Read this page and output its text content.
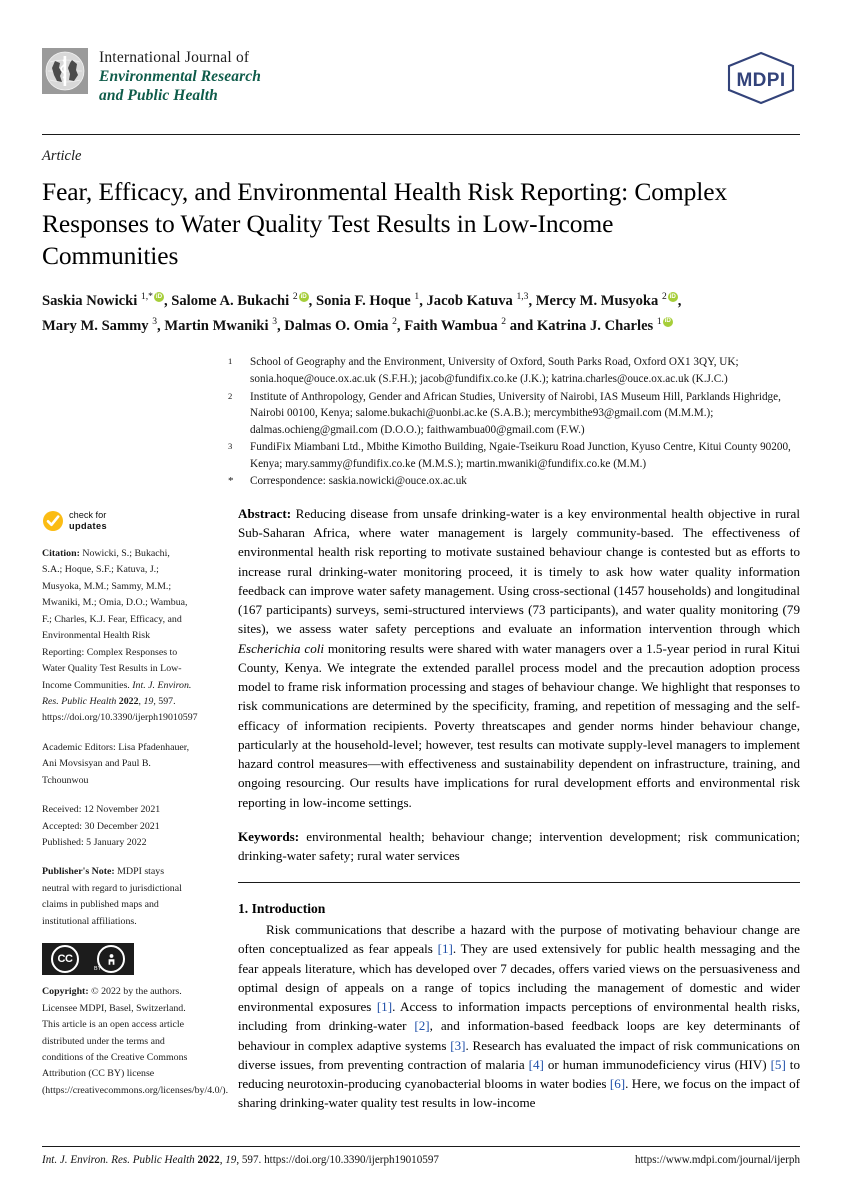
International Journal of
Environmental Research
and Public Health
MDPI
Article
Fear, Efficacy, and Environmental Health Risk Reporting: Complex Responses to Water Quality Test Results in Low-Income Communities
Saskia Nowicki $^{1,*}$ iD , Salome A. Bukachi $^2$ iD , Sonia F. Hoque $^1$, Jacob Katuva $^{1,3}$, Mercy M. Musyoka $^2$ iD ,
Mary M. Sammy $^3$, Martin Mwaniki $^3$, Dalmas O. Omia $^2$, Faith Wambua $^2$ and Katrina J. Charles $^1$iD
1	School of Geography and the Environment, University of Oxford, South Parks Road, Oxford OX1 3QY, UK; sonia.hoque@ouce.ox.ac.uk (S.F.H.); jacob@fundifix.co.ke (J.K.); katrina.charles@ouce.ox.ac.uk (K.J.C.)
2	Institute of Anthropology, Gender and African Studies, University of Nairobi, IAS Museum Hill, Parklands Highridge, Nairobi 00100, Kenya; salome.bukachi@uonbi.ac.ke (S.A.B.); mercymbithe93@gmail.com (M.M.M.); dalmas.ochieng@gmail.com (D.O.O.); faithwambua00@gmail.com (F.W.)
3	FundiFix Miambani Ltd., Mbithe Kimotho Building, Ngaie-Tseikuru Road Junction, Kyuso Centre, Kitui County 90200, Kenya; mary.sammy@fundifix.co.ke (M.M.S.); martin.mwaniki@fundifix.co.ke (M.M.)
*	Correspondence: saskia.nowicki@ouce.ox.ac.uk
check for
updates
Citation: Nowicki, S.; Bukachi, S.A.; Hoque, S.F.; Katuva, J.; Musyoka, M.M.; Sammy, M.M.; Mwaniki, M.; Omia, D.O.; Wambua, F.; Charles, K.J. Fear, Efficacy, and Environmental Health Risk Reporting: Complex Responses to Water Quality Test Results in Low-Income Communities. Int. J. Environ. Res. Public Health 2022, 19, 597. https://doi.org/10.3390/ijerph19010597
Academic Editors: Lisa Pfadenhauer, Ani Movsisyan and Paul B. Tchounwou
Received: 12 November 2021
Accepted: 30 December 2021
Published: 5 January 2022
Publisher's Note: MDPI stays neutral with regard to jurisdictional claims in published maps and institutional affiliations.
CC
BY
Copyright: © 2022 by the authors. Licensee MDPI, Basel, Switzerland. This article is an open access article distributed under the terms and conditions of the Creative Commons Attribution (CC BY) license (https://creativecommons.org/licenses/by/4.0/).
Abstract: Reducing disease from unsafe drinking-water is a key environmental health objective in rural Sub-Saharan Africa, where water management is largely community-based. The effectiveness of environmental health risk reporting to motivate sustained behaviour change is contested but as efforts to increase rural drinking-water monitoring proceed, it is timely to ask how water quality information feedback can improve water safety management. Using cross-sectional (1457 households) and longitudinal (167 participants) surveys, semi-structured interviews (73 participants), and water quality monitoring (79 sites), we assess water safety perceptions and evaluate an information intervention through which Escherichia coli monitoring results were shared with water managers over a 1.5-year period in rural Kitui County, Kenya. We integrate the extended parallel process model and the precaution adoption process model to frame risk information processing and stages of behaviour change. We highlight that responses to risk communications are determined by the specificity, framing, and repetition of messaging and the self-efficacy of information recipients. Poverty threatscapes and gender norms hinder behaviour change, particularly at the household-level; however, test results can motivate supply-level managers to implement hazard control measures—with effectiveness and sustainability dependent on infrastructure, training, and ongoing resourcing. Our results have implications for rural development efforts and environmental risk reporting in low-income settings.
Keywords: environmental health; behaviour change; intervention development; risk communication; drinking-water safety; rural water services
1. Introduction

Risk communications that describe a hazard with the purpose of motivating behaviour change are often conceptualized as fear appeals [1]. They are used extensively for public health messaging and the fear appeals literature, which has developed over 7 decades, offers varied views on the persuasiveness and optimal design of appeals on a range of topics including the management of domestic and wider environmental exposures [1]. Access to information impacts perceptions of environmental health risks, including from drinking-water [2], and information-based feedback loops are key determinants of behaviour in complex adaptive systems [3]. Research has evaluated the impact of risk communications on diverse issues, from preventing contraction of malaria [4] or human immunodeficiency virus (HIV) [5] to reducing neurotoxin-producing cyanobacterial blooms in water bodies [6]. Here, we focus on the impact of sharing drinking-water quality test results in low-income

Int. J. Environ. Res. Public Health 2022, 19, 597. https://doi.org/10.3390/ijerph19010597	https://www.mdpi.com/journal/ijerph
